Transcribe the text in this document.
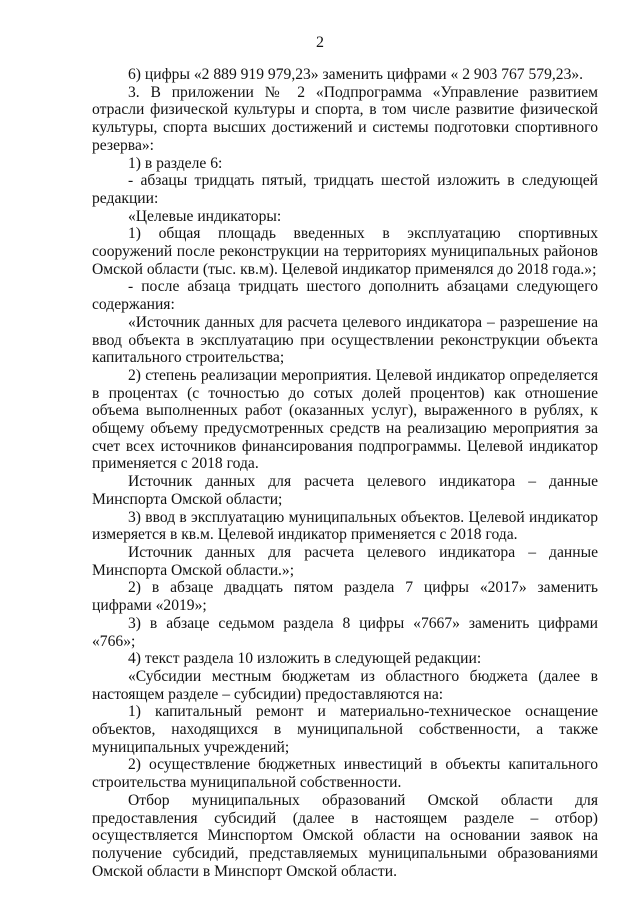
2

6) цифры «2 889 919 979,23» заменить цифрами « 2 903 767 579,23».

3. В приложении № 2 «Подпрограмма «Управление развитием отрасли физической культуры и спорта, в том числе развитие физической культуры, спорта высших достижений и системы подготовки спортивного резерва»:

1) в разделе 6:

- абзацы тридцать пятый, тридцать шестой изложить в следующей редакции:

«Целевые индикаторы:

1) общая площадь введенных в эксплуатацию спортивных сооружений после реконструкции на территориях муниципальных районов Омской области (тыс. кв.м). Целевой индикатор применялся до 2018 года.»;

- после абзаца тридцать шестого дополнить абзацами следующего содержания:

«Источник данных для расчета целевого индикатора – разрешение на ввод объекта в эксплуатацию при осуществлении реконструкции объекта капитального строительства;

2) степень реализации мероприятия. Целевой индикатор определяется в процентах (с точностью до сотых долей процентов) как отношение объема выполненных работ (оказанных услуг), выраженного в рублях, к общему объему предусмотренных средств на реализацию мероприятия за счет всех источников финансирования подпрограммы. Целевой индикатор применяется с 2018 года.

Источник данных для расчета целевого индикатора – данные Минспорта Омской области;

3) ввод в эксплуатацию муниципальных объектов. Целевой индикатор измеряется в кв.м. Целевой индикатор применяется с 2018 года.

Источник данных для расчета целевого индикатора – данные Минспорта Омской области.»;

2) в абзаце двадцать пятом раздела 7 цифры «2017» заменить цифрами «2019»;

3) в абзаце седьмом раздела 8 цифры «7667» заменить цифрами «766»;

4) текст раздела 10 изложить в следующей редакции:

«Субсидии местным бюджетам из областного бюджета (далее в настоящем разделе – субсидии) предоставляются на:

1) капитальный ремонт и материально-техническое оснащение объектов, находящихся в муниципальной собственности, а также муниципальных учреждений;

2) осуществление бюджетных инвестиций в объекты капитального строительства муниципальной собственности.

Отбор муниципальных образований Омской области для предоставления субсидий (далее в настоящем разделе – отбор) осуществляется Минспортом Омской области на основании заявок на получение субсидий, представляемых муниципальными образованиями Омской области в Минспорт Омской области.
